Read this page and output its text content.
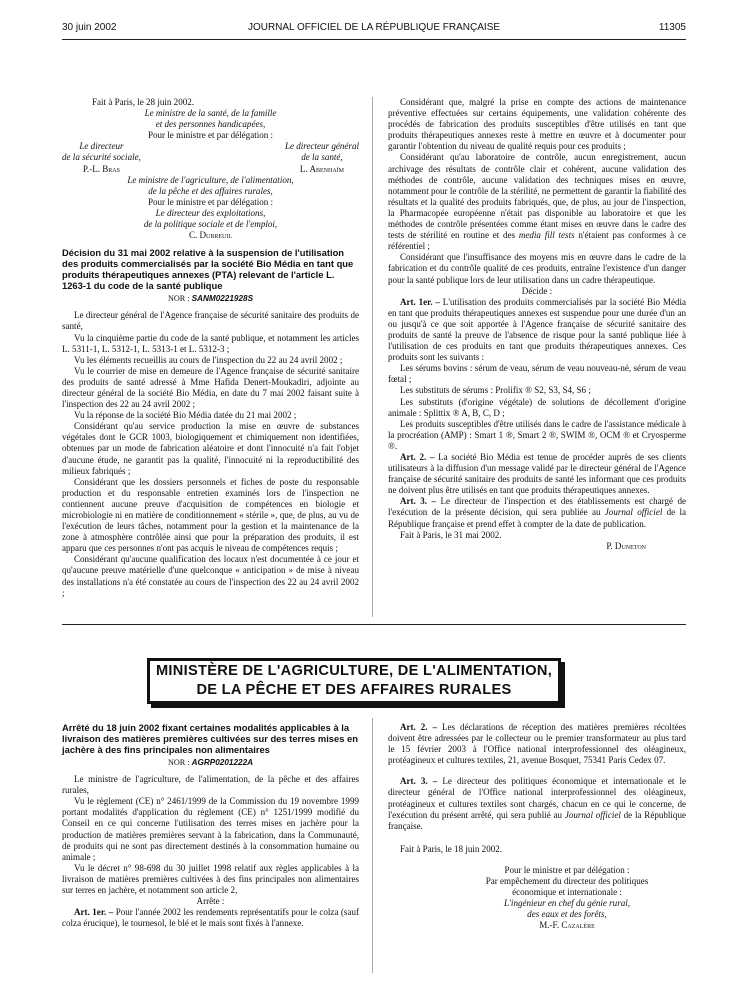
30 juin 2002	JOURNAL OFFICIEL DE LA RÉPUBLIQUE FRANÇAISE	11305

Fait à Paris, le 28 juin 2002.

Le ministre de la santé, de la famille

et des personnes handicapées,

Pour le ministre et par délégation :

Le directeur
de la sécurité sociale,
P.-L. Bras
Le directeur général
de la santé,
L. Abenhaïm

Le ministre de l'agriculture, de l'alimentation,

de la pêche et des affaires rurales,

Pour le ministre et par délégation :

Le directeur des exploitations,

de la politique sociale et de l'emploi,

C. Dubreuil

Décision du 31 mai 2002 relative à la suspension de l'utilisation des produits commercialisés par la société Bio Média en tant que produits thérapeutiques annexes (PTA) relevant de l'article L. 1263-1 du code de la santé publique
NOR : SANM0221928S

Le directeur général de l'Agence française de sécurité sanitaire des produits de santé,

Vu la cinquième partie du code de la santé publique, et notamment les articles L. 5311-1, L. 5312-1, L. 5313-1 et L. 5312-3 ;

Vu les éléments recueillis au cours de l'inspection du 22 au 24 avril 2002 ;

Vu le courrier de mise en demeure de l'Agence française de sécurité sanitaire des produits de santé adressé à Mme Hafida Denert-Moukadiri, adjointe au directeur général de la société Bio Média, en date du 7 mai 2002 faisant suite à l'inspection des 22 au 24 avril 2002 ;

Vu la réponse de la société Bio Média datée du 21 mai 2002 ;

Considérant qu'au service production la mise en œuvre de substances végétales dont le GCR 1003, biologiquement et chimiquement non identifiées, obtenues par un mode de fabrication aléatoire et dont l'innocuité n'a fait l'objet d'aucune étude, ne garantit pas la qualité, l'innocuité ni la reproductibilité des milieux fabriqués ;

Considérant que les dossiers personnels et fiches de poste du responsable production et du responsable entretien examinés lors de l'inspection ne contiennent aucune preuve d'acquisition de compétences en biologie et microbiologie ni en matière de conditionnement « stérile », que, de plus, au vu de l'exécution de leurs tâches, notamment pour la gestion et la maintenance de la zone à atmosphère contrôlée ainsi que pour la préparation des produits, il est apparu que ces personnes n'ont pas acquis le niveau de compétences requis ;

Considérant qu'aucune qualification des locaux n'est documentée à ce jour et qu'aucune preuve matérielle d'une quelconque « anticipation » de mise à niveau des installations n'a été constatée au cours de l'inspection des 22 au 24 avril 2002 ;

Considérant que, malgré la prise en compte des actions de maintenance préventive effectuées sur certains équipements, une validation cohérente des procédés de fabrication des produits susceptibles d'être utilisés en tant que produits thérapeutiques annexes reste à mettre en œuvre et à documenter pour garantir l'obtention du niveau de qualité requis pour ces produits ;

Considérant qu'au laboratoire de contrôle, aucun enregistrement, aucun archivage des résultats de contrôle clair et cohérent, aucune validation des méthodes de contrôle, aucune validation des techniques mises en œuvre, notamment pour le contrôle de la stérilité, ne permettent de garantir la fiabilité des résultats et la qualité des produits fabriqués, que, de plus, au jour de l'inspection, la Pharmacopée européenne n'était pas disponible au laboratoire et que les méthodes de contrôle présentées comme étant mises en œuvre dans le cadre des tests de stérilité en routine et des media fill tests n'étaient pas conformes à ce référentiel ;

Considérant que l'insuffisance des moyens mis en œuvre dans le cadre de la fabrication et du contrôle qualité de ces produits, entraîne l'existence d'un danger pour la santé publique lors de leur utilisation dans un cadre thérapeutique.

Décide :

Art. 1er. – L'utilisation des produits commercialisés par la société Bio Média en tant que produits thérapeutiques annexes est suspendue pour une durée d'un an ou jusqu'à ce que soit apportée à l'Agence française de sécurité sanitaire des produits de santé la preuve de l'absence de risque pour la santé publique liée à l'utilisation de ces produits en tant que produits thérapeutiques annexes. Ces produits sont les suivants :

Les sérums bovins : sérum de veau, sérum de veau nouveau-né, sérum de veau fœtal ;

Les substituts de sérums : Prolifix ® S2, S3, S4, S6 ;

Les substituts (d'origine végétale) de solutions de décollement d'origine animale : Splittix ® A, B, C, D ;

Les produits susceptibles d'être utilisés dans le cadre de l'assistance médicale à la procréation (AMP) : Smart 1 ®, Smart 2 ®, SWIM ®, OCM ® et Cryosperme ®.

Art. 2. – La société Bio Média est tenue de procéder auprès de ses clients utilisateurs à la diffusion d'un message validé par le directeur général de l'Agence française de sécurité sanitaire des produits de santé les informant que ces produits ne doivent plus être utilisés en tant que produits thérapeutiques annexes.

Art. 3. – Le directeur de l'inspection et des établissements est chargé de l'exécution de la présente décision, qui sera publiée au Journal officiel de la République française et prend effet à compter de la date de publication.

Fait à Paris, le 31 mai 2002.

P. Duneton

MINISTÈRE DE L'AGRICULTURE, DE L'ALIMENTATION,
DE LA PÊCHE ET DES AFFAIRES RURALES
Arrêté du 18 juin 2002 fixant certaines modalités applicables à la livraison des matières premières cultivées sur des terres mises en jachère à des fins principales non alimentaires
NOR : AGRP0201222A

Le ministre de l'agriculture, de l'alimentation, de la pêche et des affaires rurales,

Vu le règlement (CE) n° 2461/1999 de la Commission du 19 novembre 1999 portant modalités d'application du règlement (CE) n° 1251/1999 modifié du Conseil en ce qui concerne l'utilisation des terres mises en jachère pour la production de matières premières servant à la fabrication, dans la Communauté, de produits qui ne sont pas directement destinés à la consommation humaine ou animale ;

Vu le décret n° 98-698 du 30 juillet 1998 relatif aux règles applicables à la livraison de matières premières cultivées à des fins principales non alimentaires sur terres en jachère, et notamment son article 2,

Arrête :

Art. 1er. – Pour l'année 2002 les rendements représentatifs pour le colza (sauf colza érucique), le tournesol, le blé et le maïs sont fixés à l'annexe.

Art. 2. – Les déclarations de réception des matières premières récoltées doivent être adressées par le collecteur ou le premier transformateur au plus tard le 15 février 2003 à l'Office national interprofessionnel des oléagineux, protéagineux et cultures textiles, 21, avenue Bosquet, 75341 Paris Cedex 07.

Art. 3. – Le directeur des politiques économique et internationale et le directeur général de l'Office national interprofessionnel des oléagineux, protéagineux et cultures textiles sont chargés, chacun en ce qui le concerne, de l'exécution du présent arrêté, qui sera publié au Journal officiel de la République française.

Fait à Paris, le 18 juin 2002.

Pour le ministre et par délégation :
Par empêchement du directeur des politiques
économique et internationale :
L'ingénieur en chef du génie rural,
des eaux et des forêts,
M.-F. Cazalère
